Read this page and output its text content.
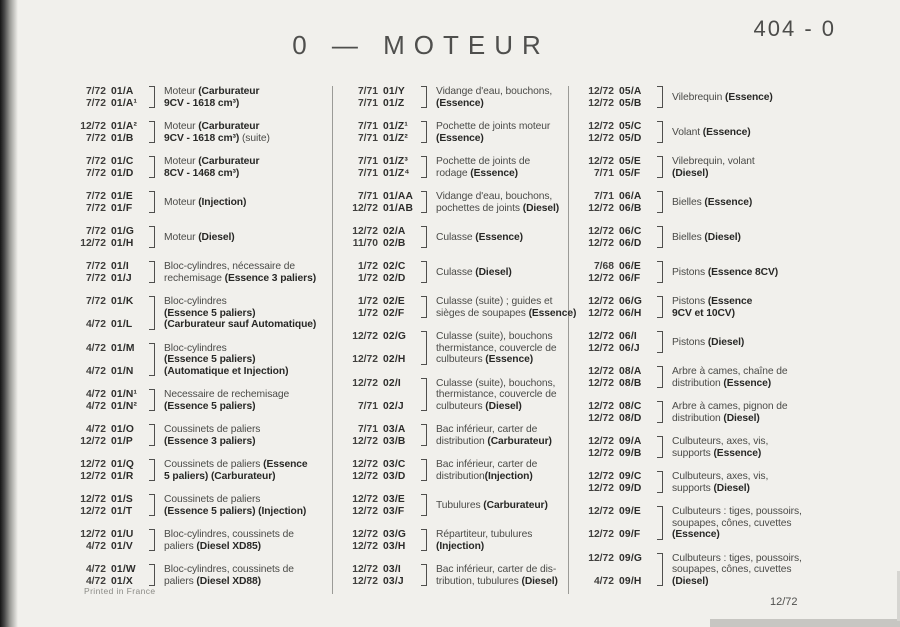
0 — MOTEUR
404 - 0
7/72 01/A
7/72 01/A¹

Moteur (Carburateur

9CV - 1618 cm³)

12/72 01/A²
7/72 01/B

Moteur (Carburateur

9CV - 1618 cm³) (suite)

7/72 01/C
7/72 01/D

Moteur (Carburateur

8CV - 1468 cm³)

7/72 01/E
7/72 01/F

Moteur (Injection)

7/72 01/G
12/72 01/H

Moteur (Diesel)

7/72 01/I
7/72 01/J

Bloc-cylindres, nécessaire de

rechemisage (Essence 3 paliers)

7/72 01/K
4/72 01/L

Bloc-cylindres

(Essence 5 paliers)

(Carburateur sauf Automatique)

4/72 01/M
4/72 01/N

Bloc-cylindres

(Essence 5 paliers)

(Automatique et Injection)

4/72 01/N¹
4/72 01/N²

Necessaire de rechemisage

(Essence 5 paliers)

4/72 01/O
12/72 01/P

Coussinets de paliers

(Essence 3 paliers)

12/72 01/Q
12/72 01/R

Coussinets de paliers (Essence

5 paliers) (Carburateur)

12/72 01/S
12/72 01/T

Coussinets de paliers

(Essence 5 paliers) (Injection)

12/72 01/U
4/72 01/V

Bloc-cylindres, coussinets de

paliers (Diesel XD85)

4/72 01/W
4/72 01/X

Bloc-cylindres, coussinets de

paliers (Diesel XD88)

7/71 01/Y
7/71 01/Z

Vidange d'eau, bouchons,

(Essence)

7/71 01/Z¹
7/71 01/Z²

Pochette de joints moteur

(Essence)

7/71 01/Z³
7/71 01/Z⁴

Pochette de joints de

rodage (Essence)

7/71 01/AA
12/72 01/AB

Vidange d'eau, bouchons,

pochettes de joints (Diesel)

12/72 02/A
11/70 02/B

Culasse (Essence)

1/72 02/C
1/72 02/D

Culasse (Diesel)

1/72 02/E
1/72 02/F

Culasse (suite) ; guides et

sièges de soupapes (Essence)

12/72 02/G
12/72 02/H

Culasse (suite), bouchons

thermistance, couvercle de

culbuteurs (Essence)

12/72 02/I
7/71 02/J

Culasse (suite), bouchons,

thermistance, couvercle de

culbuteurs (Diesel)

7/71 03/A
12/72 03/B

Bac inférieur, carter de

distribution (Carburateur)

12/72 03/C
12/72 03/D

Bac inférieur, carter de

distribution(Injection)

12/72 03/E
12/72 03/F

Tubulures (Carburateur)

12/72 03/G
12/72 03/H

Répartiteur, tubulures

(Injection)

12/72 03/I
12/72 03/J

Bac inférieur, carter de dis-

tribution, tubulures (Diesel)

12/72 05/A
12/72 05/B

Vilebrequin (Essence)

12/72 05/C
12/72 05/D

Volant (Essence)

12/72 05/E
7/71 05/F

Vilebrequin, volant

(Diesel)

7/71 06/A
12/72 06/B

Bielles (Essence)

12/72 06/C
12/72 06/D

Bielles (Diesel)

7/68 06/E
12/72 06/F

Pistons (Essence 8CV)

12/72 06/G
12/72 06/H

Pistons (Essence

9CV et 10CV)

12/72 06/I
12/72 06/J

Pistons (Diesel)

12/72 08/A
12/72 08/B

Arbre à cames, chaîne de

distribution (Essence)

12/72 08/C
12/72 08/D

Arbre à cames, pignon de

distribution (Diesel)

12/72 09/A
12/72 09/B

Culbuteurs, axes, vis,

supports (Essence)

12/72 09/C
12/72 09/D

Culbuteurs, axes, vis,

supports (Diesel)

12/72 09/E
12/72 09/F

Culbuteurs : tiges, poussoirs,

soupapes, cônes, cuvettes

(Essence)

12/72 09/G
4/72 09/H

Culbuteurs : tiges, poussoirs,

soupapes, cônes, cuvettes

(Diesel)

Printed in France
12/72
